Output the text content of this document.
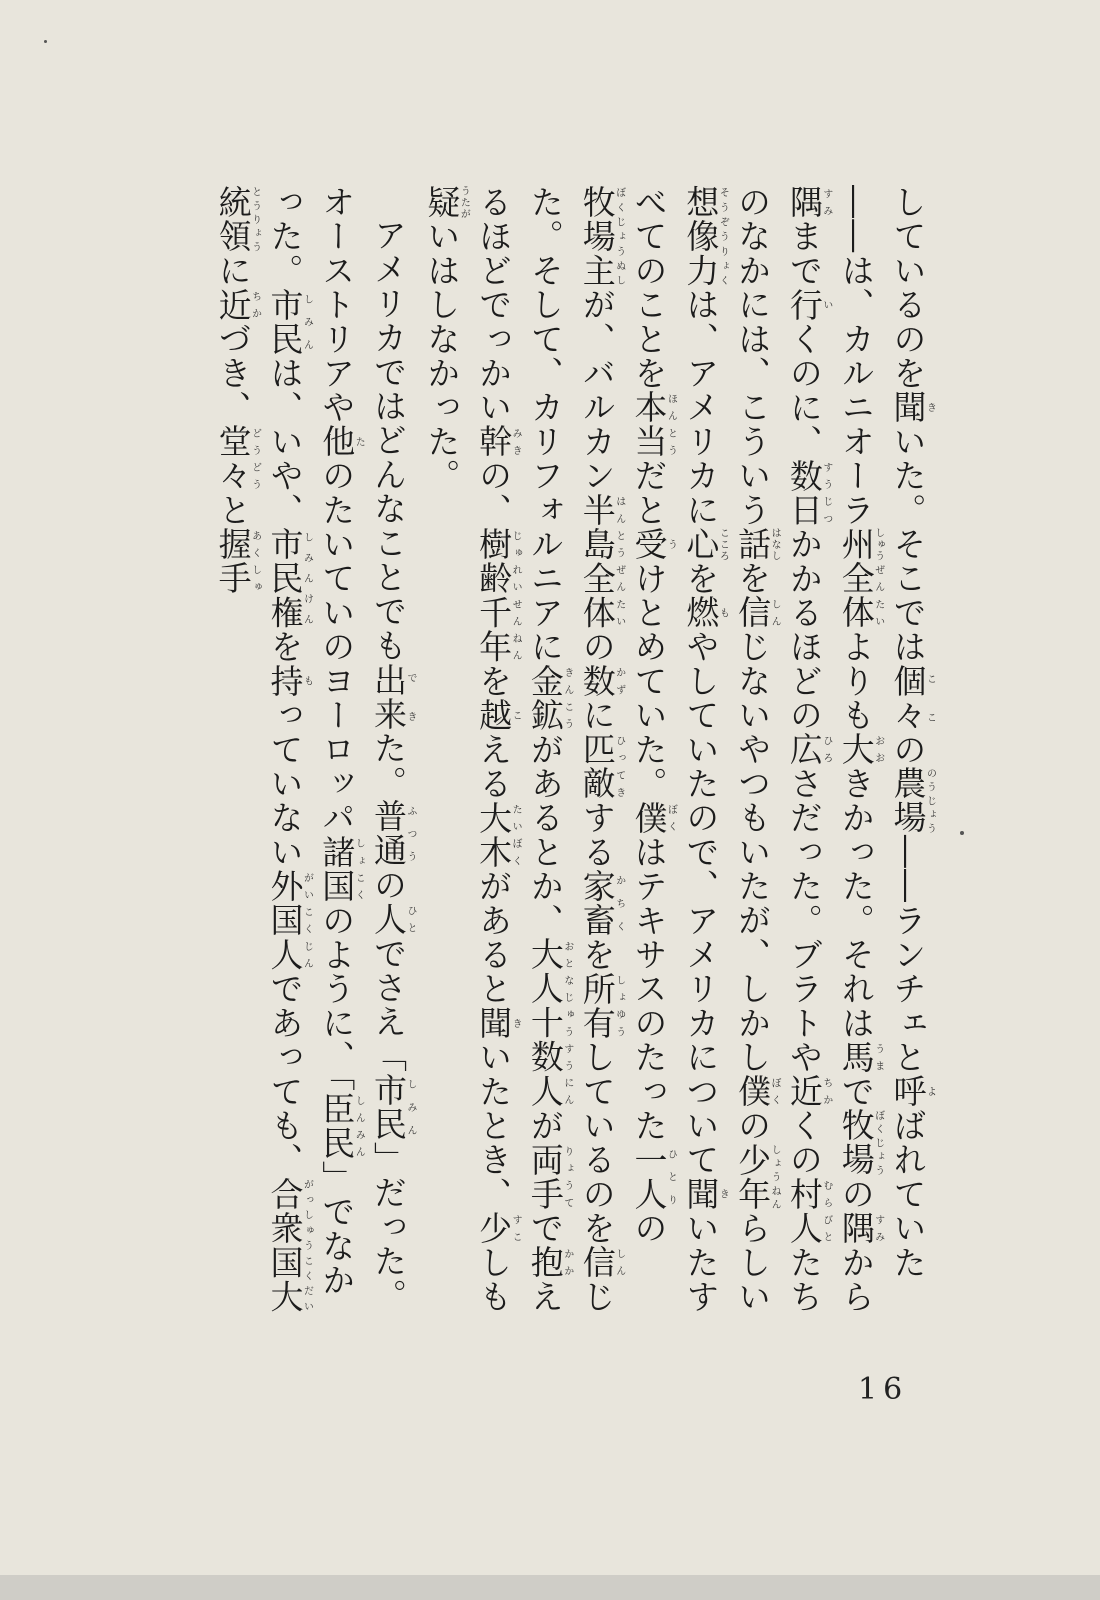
しているのを聞きいた。そこでは個々ここの農場のうじょう――ランチェと呼よばれていた――は、カルニオーラ州しゅう全体ぜんたいよりも大おおきかった。それは馬うまで牧場ぼくじょうの隅すみから隅すみまで行いくのに、数すう日じつかかるほどの広ひろさだった。ブラトや近ちかくの村人むらびとたちのなかには、こういう話はなしを信しんじないやつもいたが、しかし僕ぼくの少年しょうねんらしい想像力そうぞうりょくは、アメリカに心こころを燃もやしていたので、アメリカについて聞きいたすべてのことを本当ほんとうだと受うけとめていた。僕ぼくはテキサスのたった一人ひとりの牧場主ぼくじょうぬしが、バルカン半島全体はんとうぜんたいの数かずに匹敵ひってきする家畜かちくを所有しょゆうしているのを信しんじた。そして、カリフォルニアに金鉱きんこうがあるとか、大人十数人おとなじゅうすうにんが両手りょうてで抱かかえるほどでっかい幹みきの、樹齢千年じゅれいせんねんを越こえる大木たいぼくがあると聞きいたとき、少すこしも疑うたがいはしなかった。

アメリカではどんなことでも出来できた。普通ふつうの人ひとでさえ「市民しみん」だった。オーストリアや他たのたいていのヨーロッパ諸国しょこくのように、「臣民しんみん」でなかった。市民しみんは、いや、市民権しみんけんを持もっていない外国人がいこくじんであっても、合衆国大統領がっしゅうこくだいとうりょうに近ちかづき、堂々どうどうと握手あくしゅ

16
